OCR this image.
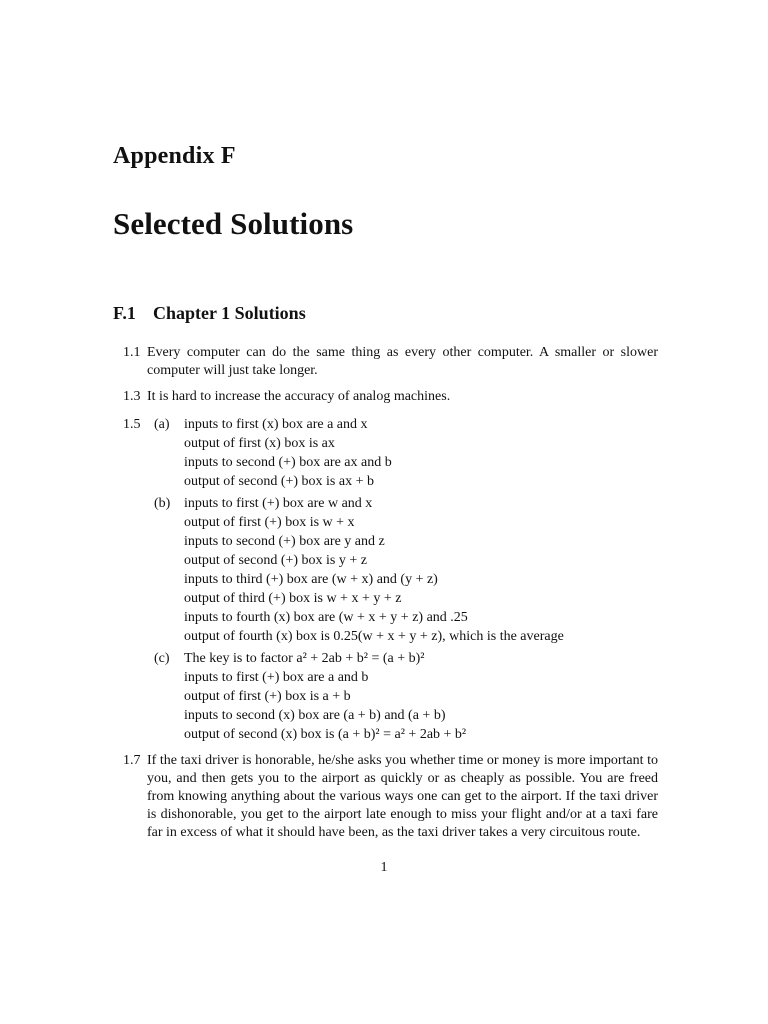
Appendix F
Selected Solutions
F.1 Chapter 1 Solutions
1.1 Every computer can do the same thing as every other computer. A smaller or slower computer will just take longer.
1.3 It is hard to increase the accuracy of analog machines.
1.5 (a) inputs to first (x) box are a and x
output of first (x) box is ax
inputs to second (+) box are ax and b
output of second (+) box is ax + b
(b) inputs to first (+) box are w and x
output of first (+) box is w + x
inputs to second (+) box are y and z
output of second (+) box is y + z
inputs to third (+) box are (w + x) and (y + z)
output of third (+) box is w + x + y + z
inputs to fourth (x) box are (w + x + y + z) and .25
output of fourth (x) box is 0.25(w + x + y + z), which is the average
(c) The key is to factor a² + 2ab + b² = (a + b)²
inputs to first (+) box are a and b
output of first (+) box is a + b
inputs to second (x) box are (a + b) and (a + b)
output of second (x) box is (a + b)² = a² + 2ab + b²
1.7 If the taxi driver is honorable, he/she asks you whether time or money is more important to you, and then gets you to the airport as quickly or as cheaply as possible. You are freed from knowing anything about the various ways one can get to the airport. If the taxi driver is dishonorable, you get to the airport late enough to miss your flight and/or at a taxi fare far in excess of what it should have been, as the taxi driver takes a very circuitous route.
1
